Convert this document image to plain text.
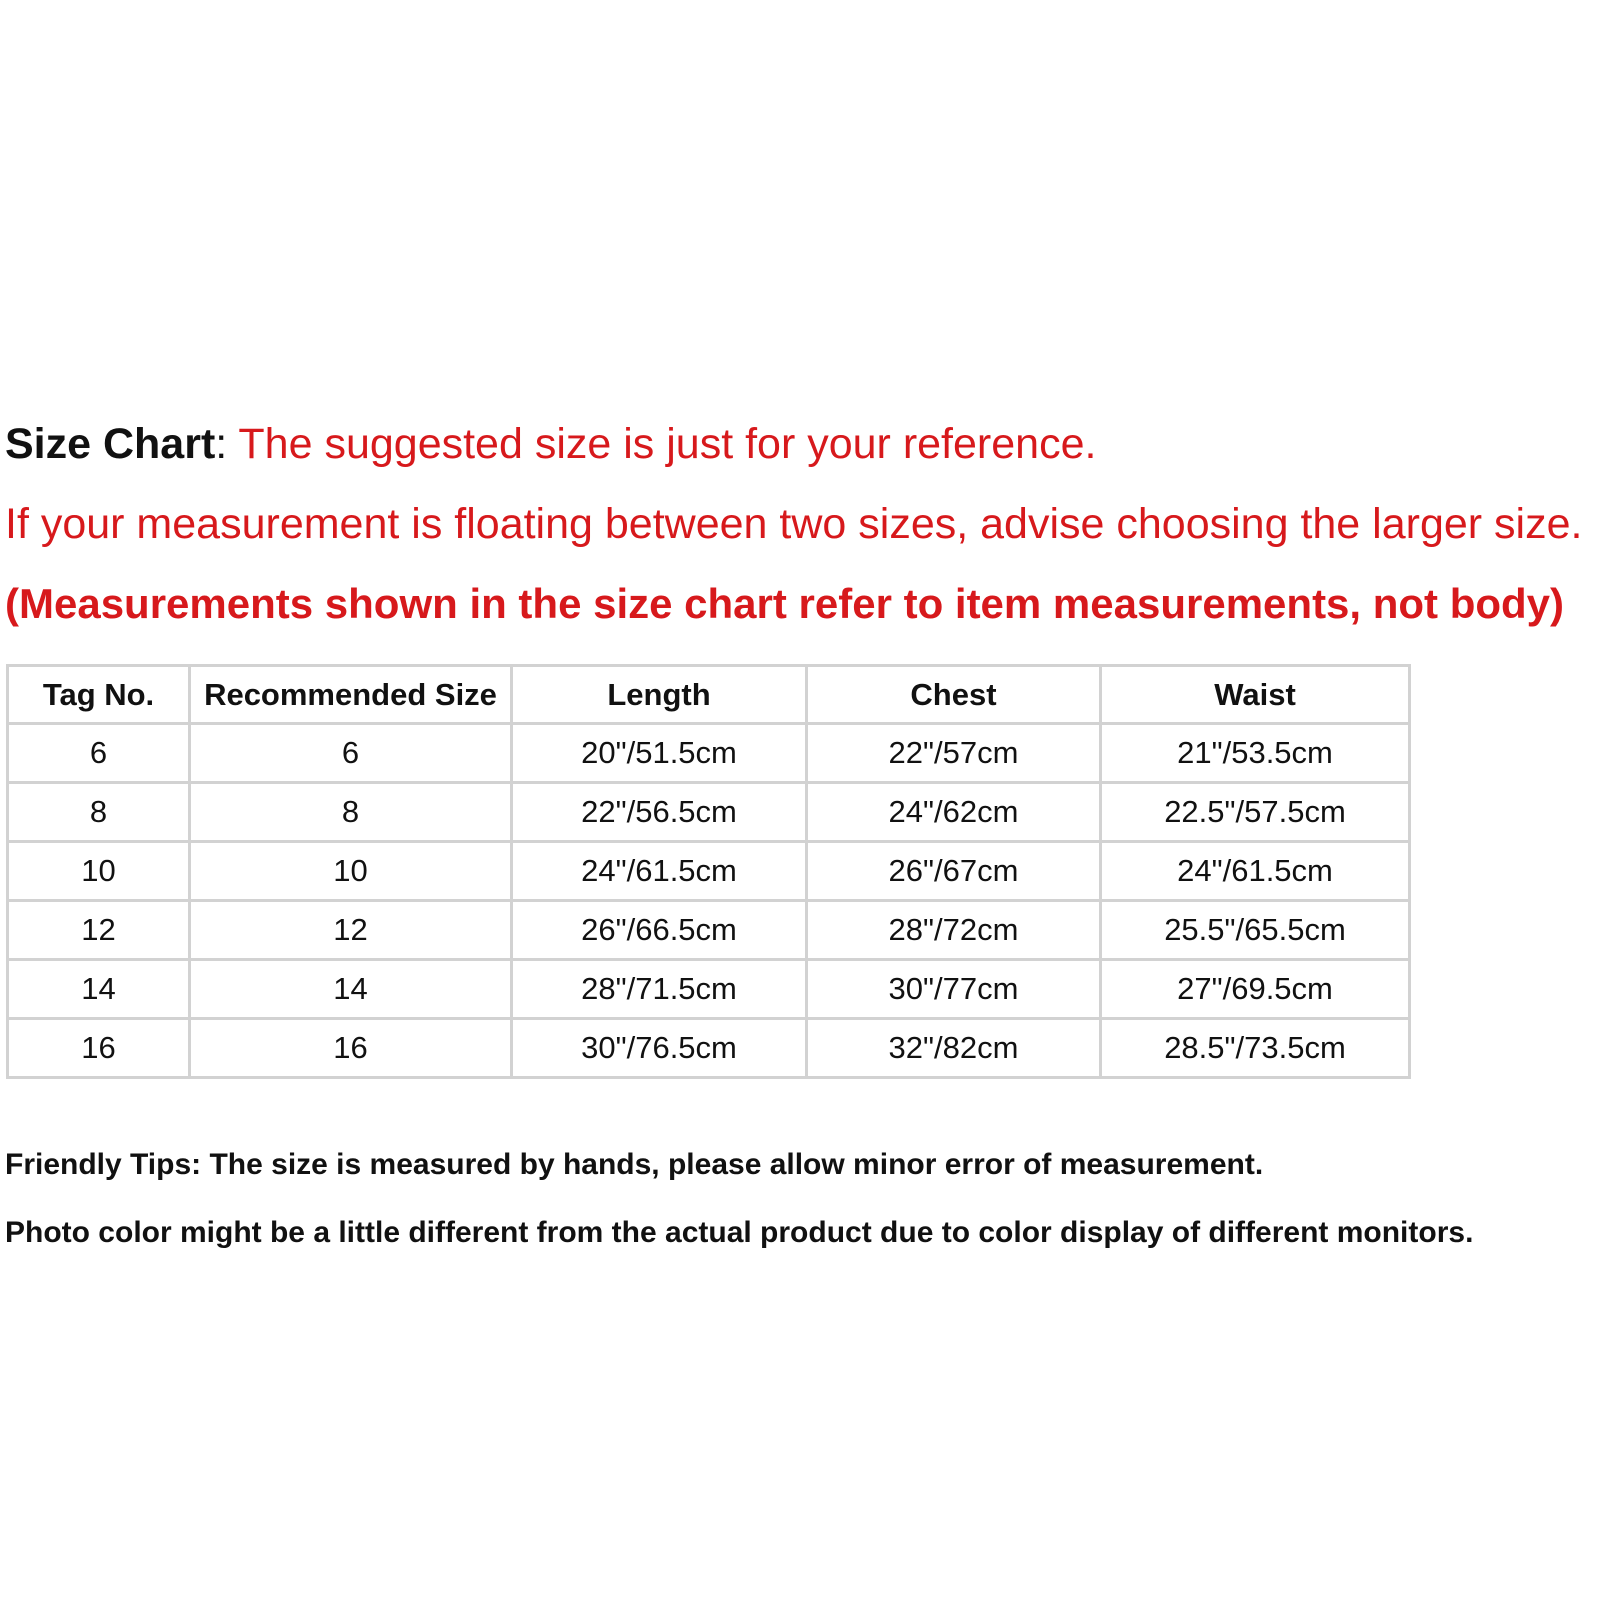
Size Chart: The suggested size is just for your reference.

If your measurement is floating between two sizes, advise choosing the larger size.

(Measurements shown in the size chart refer to item measurements, not body)

Tag No.	Recommended Size	Length	Chest	Waist
6	6	20"/51.5cm	22"/57cm	21"/53.5cm
8	8	22"/56.5cm	24"/62cm	22.5"/57.5cm
10	10	24"/61.5cm	26"/67cm	24"/61.5cm
12	12	26"/66.5cm	28"/72cm	25.5"/65.5cm
14	14	28"/71.5cm	30"/77cm	27"/69.5cm
16	16	30"/76.5cm	32"/82cm	28.5"/73.5cm

Friendly Tips: The size is measured by hands, please allow minor error of measurement.

Photo color might be a little different from the actual product due to color display of different monitors.
